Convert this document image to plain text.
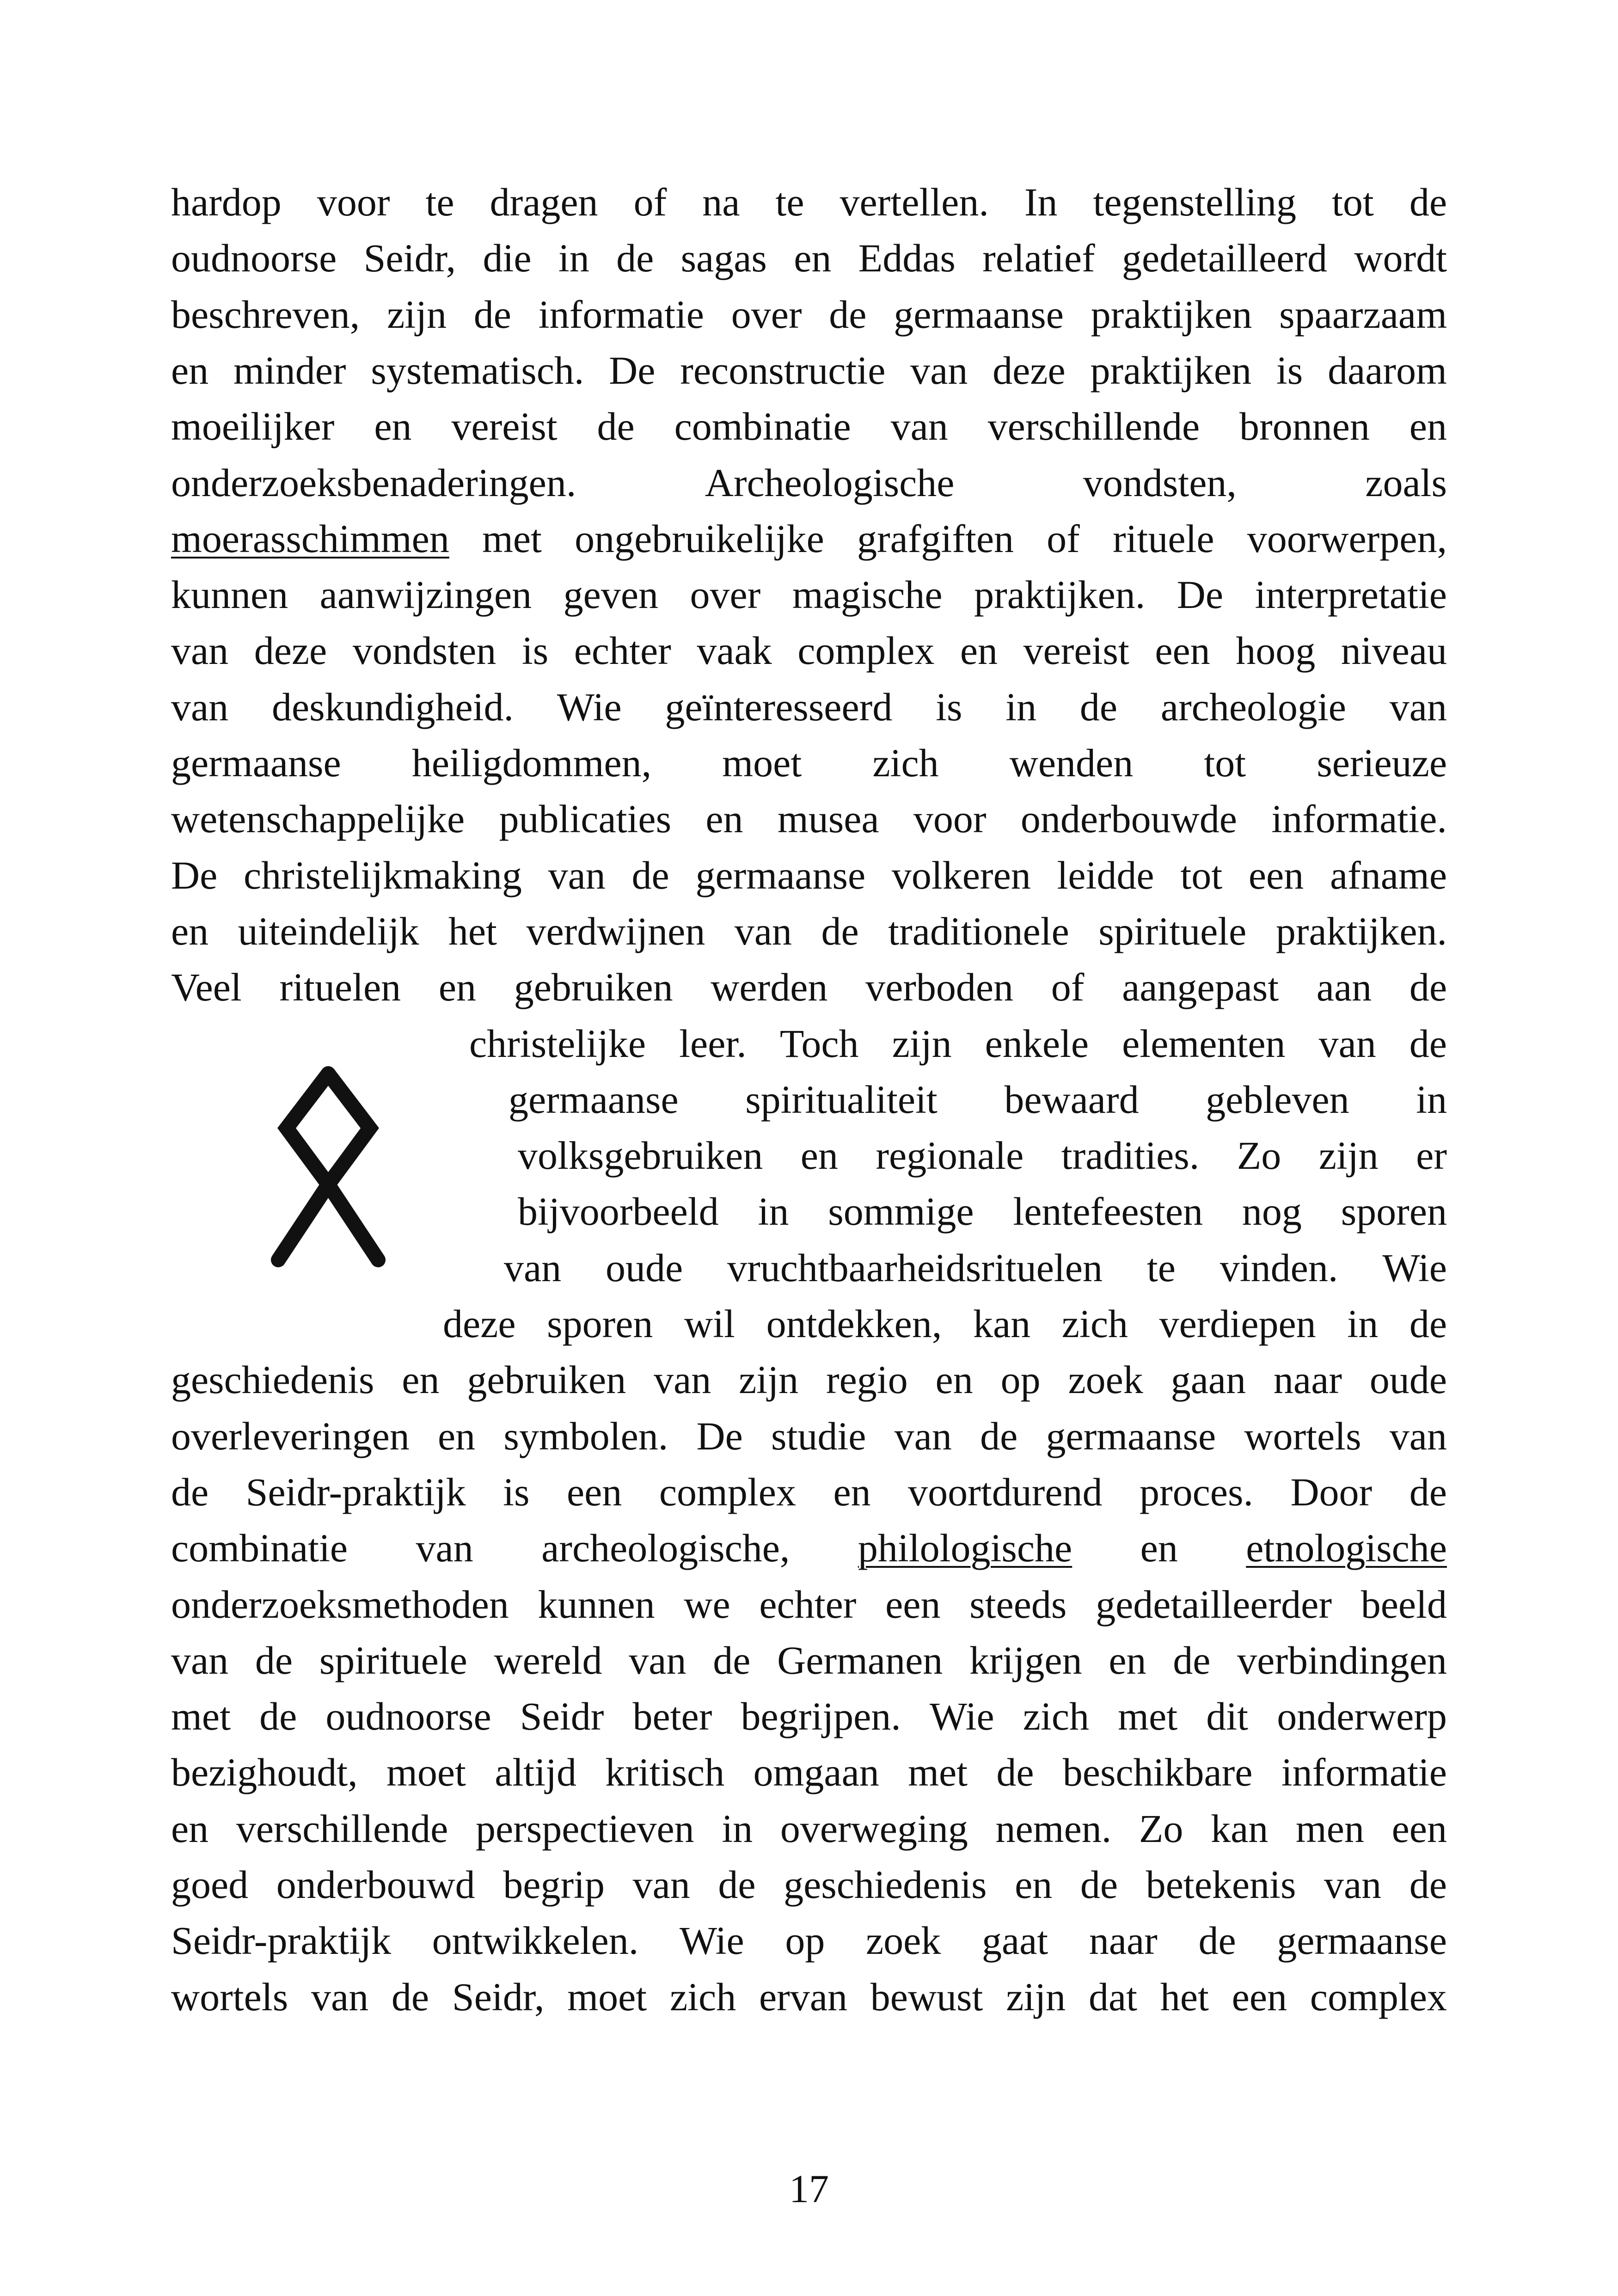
hardop voor te dragen of na te vertellen. In tegenstelling tot de
oudnoorse Seidr, die in de sagas en Eddas relatief gedetailleerd wordt
beschreven, zijn de informatie over de germaanse praktijken spaarzaam
en minder systematisch. De reconstructie van deze praktijken is daarom
moeilijker en vereist de combinatie van verschillende bronnen en
onderzoeksbenaderingen.	Archeologische	vondsten,	zoals
moerasschimmen met ongebruikelijke grafgiften of rituele voorwerpen,
kunnen aanwijzingen geven over magische praktijken. De interpretatie
van deze vondsten is echter vaak complex en vereist een hoog niveau
van deskundigheid. Wie geïnteresseerd is in de archeologie van
germaanse heiligdommen, moet zich wenden tot serieuze
wetenschappelijke publicaties en musea voor onderbouwde informatie.
De christelijkmaking van de germaanse volkeren leidde tot een afname
en uiteindelijk het verdwijnen van de traditionele spirituele praktijken.
Veel rituelen en gebruiken werden verboden of aangepast aan de
christelijke leer. Toch zijn enkele elementen van de
germaanse spiritualiteit bewaard gebleven in
volksgebruiken en regionale tradities. Zo zijn er
bijvoorbeeld in sommige lentefeesten nog sporen
van oude vruchtbaarheidsrituelen te vinden. Wie
deze sporen wil ontdekken, kan zich verdiepen in de
geschiedenis en gebruiken van zijn regio en op zoek gaan naar oude
overleveringen en symbolen. De studie van de germaanse wortels van
de Seidr-praktijk is een complex en voortdurend proces. Door de
combinatie van archeologische, philologische en etnologische
onderzoeksmethoden kunnen we echter een steeds gedetailleerder beeld
van de spirituele wereld van de Germanen krijgen en de verbindingen
met de oudnoorse Seidr beter begrijpen. Wie zich met dit onderwerp
bezighoudt, moet altijd kritisch omgaan met de beschikbare informatie
en verschillende perspectieven in overweging nemen. Zo kan men een
goed onderbouwd begrip van de geschiedenis en de betekenis van de
Seidr-praktijk ontwikkelen. Wie op zoek gaat naar de germaanse
wortels van de Seidr, moet zich ervan bewust zijn dat het een complex
17
